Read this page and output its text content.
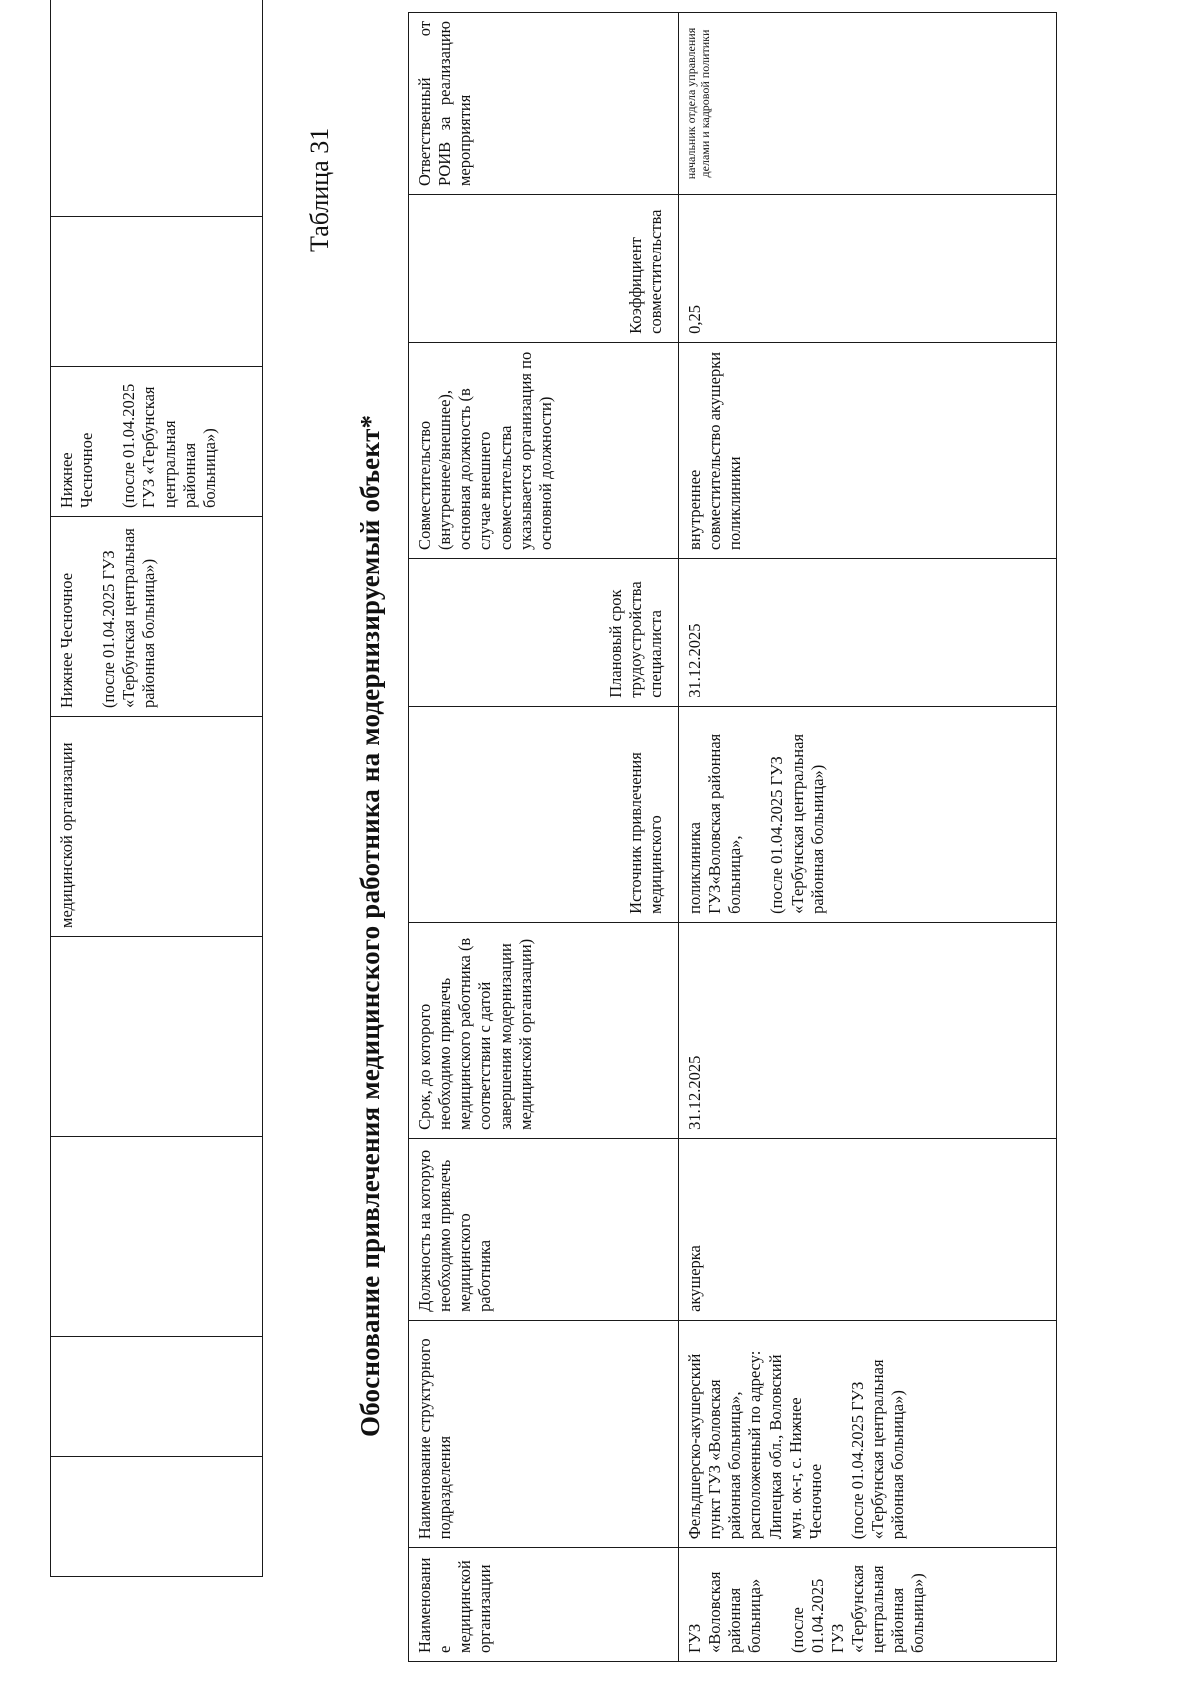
				медицинской организации	Нижнее Чесночное (после 01.04.2025 ГУЗ «Тербунская центральная районная больница»)	Нижнее Чесночное (после 01.04.2025 ГУЗ «Тербунская центральная районная больница»)		
Таблица 31
Обоснование привлечения медицинского работника на модернизируемый объект*
Наименование медицинской организации	Наименование структурного подразделения	Должность на которую необходимо привлечь медицинского работника	Срок, до которого необходимо привлечь медицинского работника (в соответствии с датой завершения модернизации медицинской организации)	Источник привлечения медицинского	Плановый срок трудоустройства специалиста	Совместительство (внутреннее/внешнее), основная должность (в случае внешнего совместительства указывается организация по основной должности)	Коэффициент совместительства	Ответственный от РОИВ за реализацию мероприятия
ГУЗ «Воловская районная больница» (после 01.04.2025 ГУЗ «Тербунская центральная районная больница»)	Фельдшерско-акушерский пункт ГУЗ «Воловская районная больница», расположенный по адресу: Липецкая обл., Воловский мун. ок-г, с. Нижнее Чесночное (после 01.04.2025 ГУЗ «Тербунская центральная районная больница»)	акушерка	31.12.2025	поликлиника ГУЗ«Воловская районная больница», (после 01.04.2025 ГУЗ «Тербунская центральная районная больница»)	31.12.2025	внутреннее совместительство акушерки поликлиники	0,25	начальник отдела управления делами и кадровой политики
